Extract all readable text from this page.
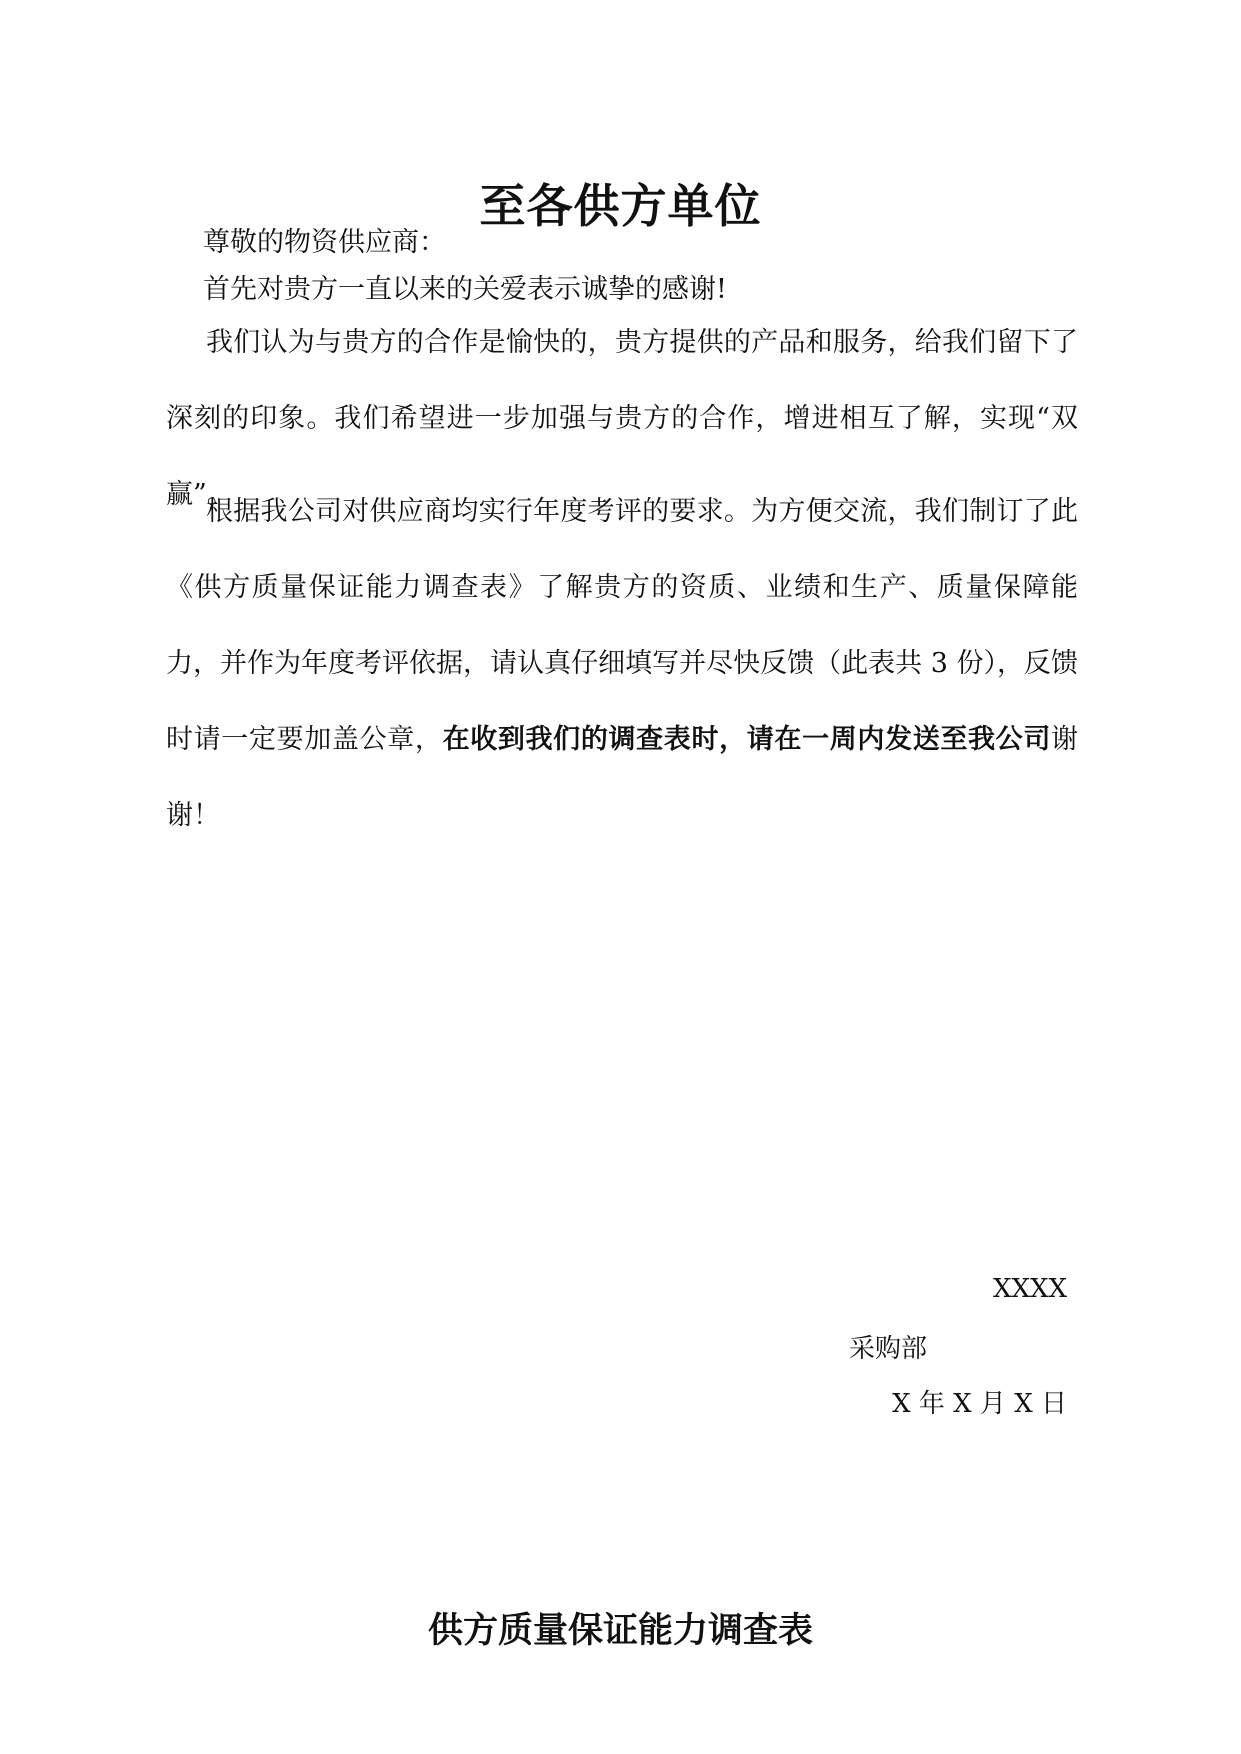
至各供方单位
尊敬的物资供应商：
首先对贵方一直以来的关爱表示诚挚的感谢!
我们认为与贵方的合作是愉快的，贵方提供的产品和服务，给我们留下了深刻的印象。我们希望进一步加强与贵方的合作，增进相互了解，实现“双赢”。
根据我公司对供应商均实行年度考评的要求。为方便交流，我们制订了此《供方质量保证能力调查表》了解贵方的资质、业绩和生产、质量保障能力，并作为年度考评依据，请认真仔细填写并尽快反馈（此表共 3 份），反馈时请一定要加盖公章，在收到我们的调查表时，请在一周内发送至我公司谢谢！
XXXX
采购部
X 年 X 月 X 日
供方质量保证能力调查表
